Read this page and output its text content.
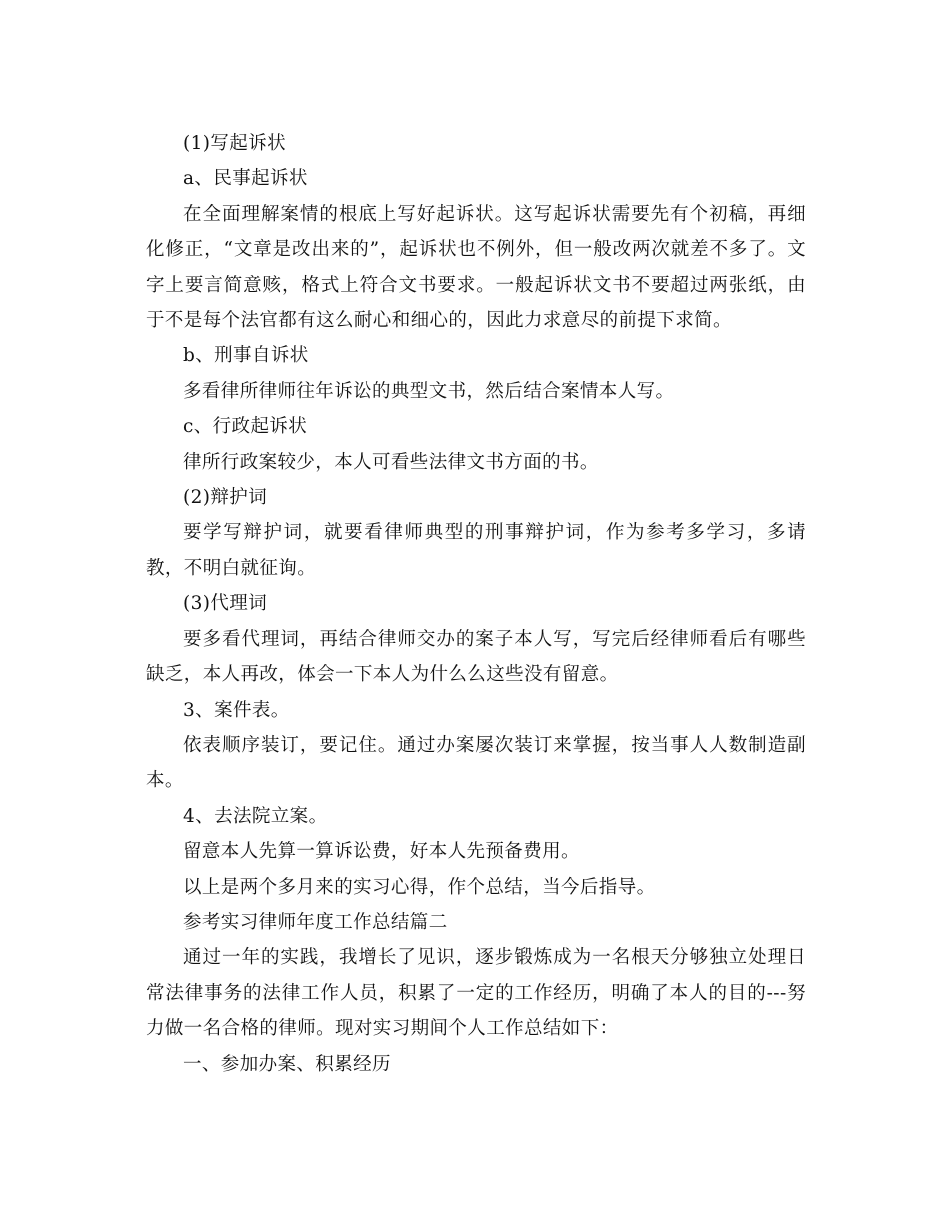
(1)写起诉状

a、民事起诉状

在全面理解案情的根底上写好起诉状。这写起诉状需要先有个初稿，再细化修正，“文章是改出来的”，起诉状也不例外，但一般改两次就差不多了。文字上要言简意赅，格式上符合文书要求。一般起诉状文书不要超过两张纸，由于不是每个法官都有这么耐心和细心的，因此力求意尽的前提下求简。

b、刑事自诉状

多看律所律师往年诉讼的典型文书，然后结合案情本人写。

c、行政起诉状

律所行政案较少，本人可看些法律文书方面的书。

(2)辩护词

要学写辩护词，就要看律师典型的刑事辩护词，作为参考多学习，多请教，不明白就征询。

(3)代理词

要多看代理词，再结合律师交办的案子本人写，写完后经律师看后有哪些缺乏，本人再改，体会一下本人为什么么这些没有留意。

3、案件表。

依表顺序装订，要记住。通过办案屡次装订来掌握，按当事人人数制造副本。

4、去法院立案。

留意本人先算一算诉讼费，好本人先预备费用。

以上是两个多月来的实习心得，作个总结，当今后指导。

参考实习律师年度工作总结篇二

通过一年的实践，我增长了见识，逐步锻炼成为一名根天分够独立处理日常法律事务的法律工作人员，积累了一定的工作经历，明确了本人的目的---努力做一名合格的律师。现对实习期间个人工作总结如下：

一、参加办案、积累经历
